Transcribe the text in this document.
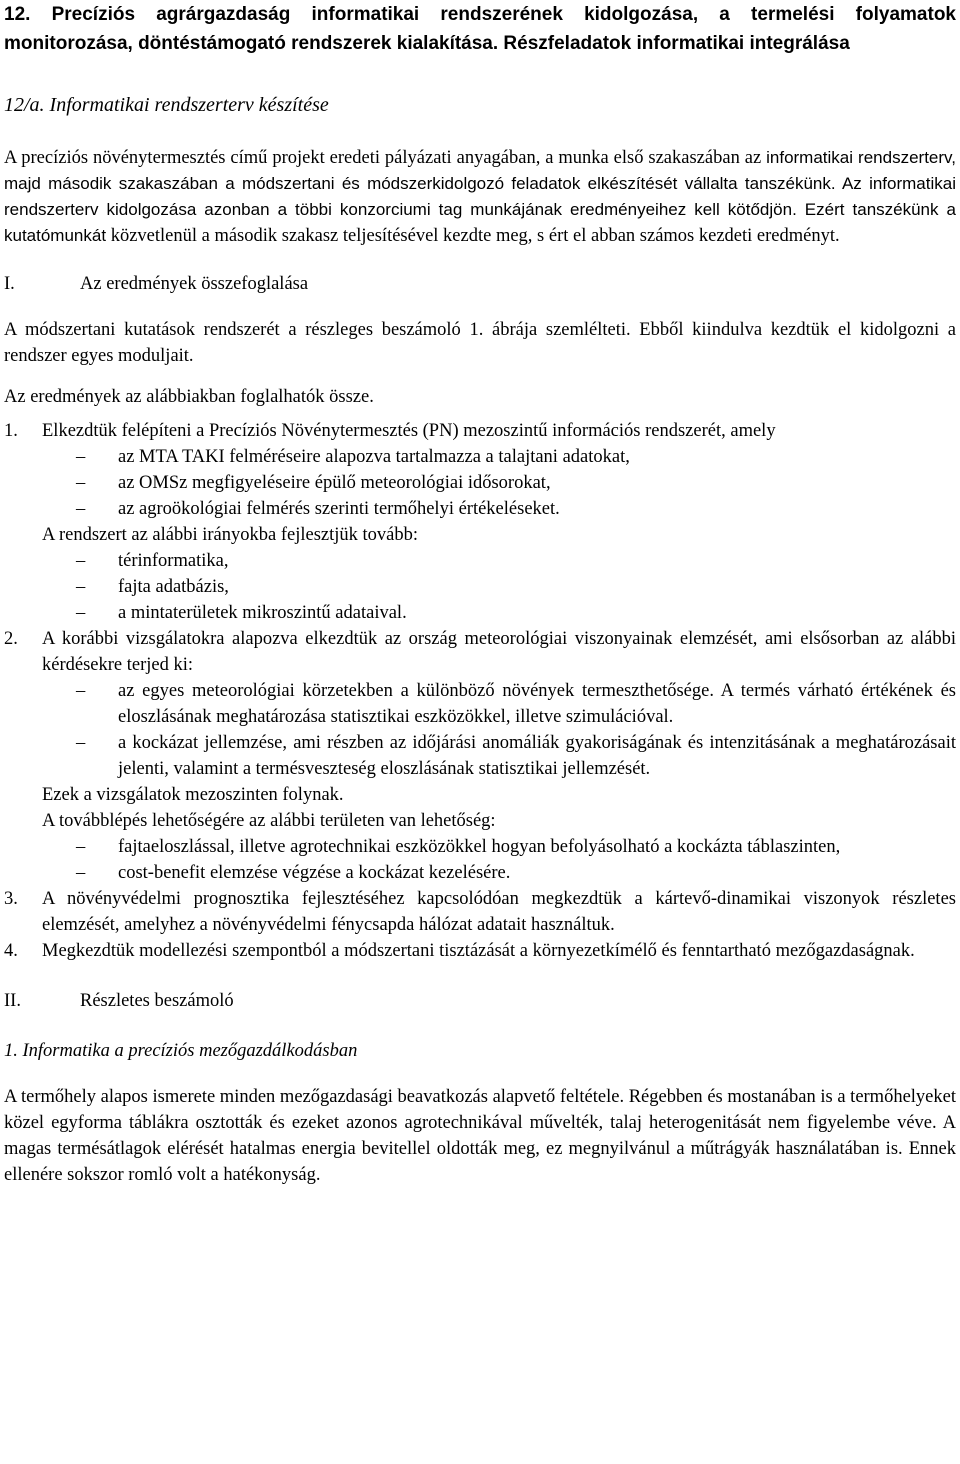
12. Precíziós agrárgazdaság informatikai rendszerének kidolgozása, a termelési folyamatok monitorozása, döntéstámogató rendszerek kialakítása. Részfeladatok informatikai integrálása
12/a. Informatikai rendszerterv készítése

A precíziós növénytermesztés című projekt eredeti pályázati anyagában, a munka első szakaszában az informatikai rendszerterv, majd második szakaszában a módszertani és módszerkidolgozó feladatok elkészítését vállalta tanszékünk. Az informatikai rendszerterv kidolgozása azonban a többi konzorciumi tag munkájának eredményeihez kell kötődjön. Ezért tanszékünk a kutatómunkát közvetlenül a második szakasz teljesítésével kezdte meg, s ért el abban számos kezdeti eredményt.

I.	Az eredmények összefoglalása

A módszertani kutatások rendszerét a részleges beszámoló 1. ábrája szemlélteti. Ebből kiindulva kezdtük el kidolgozni a rendszer egyes moduljait.

Az eredmények az alábbiakban foglalhatók össze.

1.	Elkezdtük felépíteni a Precíziós Növénytermesztés (PN) mezoszintű információs rendszerét, amely
–	az MTA TAKI felméréseire alapozva tartalmazza a talajtani adatokat,
–	az OMSz megfigyeléseire épülő meteorológiai idősorokat,
–	az agroökológiai felmérés szerinti termőhelyi értékeléseket.
A rendszert az alábbi irányokba fejlesztjük tovább:
–	térinformatika,
–	fajta adatbázis,
–	a mintaterületek mikroszintű adataival.
2.	A korábbi vizsgálatokra alapozva elkezdtük az ország meteorológiai viszonyainak elemzését, ami elsősorban az alábbi kérdésekre terjed ki:
–	az egyes meteorológiai körzetekben a különböző növények termeszthetősége. A termés várható értékének és eloszlásának meghatározása statisztikai eszközökkel, illetve szimulációval.
–	a kockázat jellemzése, ami részben az időjárási anomáliák gyakoriságának és intenzitásának a meghatározásait jelenti, valamint a termésveszteség eloszlásának statisztikai jellemzését.
Ezek a vizsgálatok mezoszinten folynak.
A továbblépés lehetőségére az alábbi területen van lehetőség:
–	fajtaeloszlással, illetve agrotechnikai eszközökkel hogyan befolyásolható a kockázta táblaszinten,
–	cost-benefit elemzése végzése a kockázat kezelésére.
3.	A növényvédelmi prognosztika fejlesztéséhez kapcsolódóan megkezdtük a kártevő-dinamikai viszonyok részletes elemzését, amelyhez a növényvédelmi fénycsapda hálózat adatait használtuk.
4.	Megkezdtük modellezési szempontból a módszertani tisztázását a környezetkímélő és fenntartható mezőgazdaságnak.
II.	Részletes beszámoló
1. Informatika a precíziós mezőgazdálkodásban

A termőhely alapos ismerete minden mezőgazdasági beavatkozás alapvető feltétele. Régebben és mostanában is a termőhelyeket közel egyforma táblákra osztották és ezeket azonos agrotechnikával művelték, talaj heterogenitását nem figyelembe véve. A magas termésátlagok elérését hatalmas energia bevitellel oldották meg, ez megnyilvánul a műtrágyák használatában is. Ennek ellenére sokszor romló volt a hatékonyság.
